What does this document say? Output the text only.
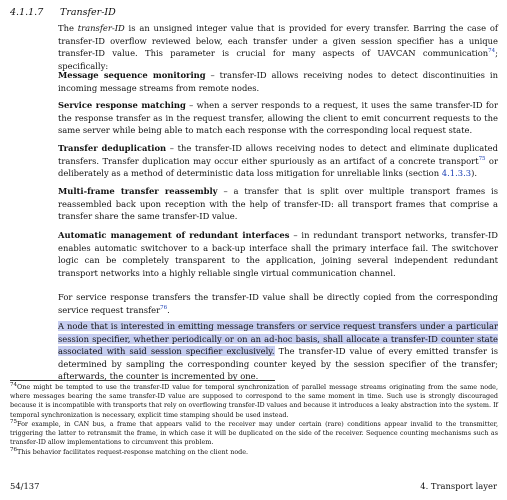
4.1.1.7 Transfer-ID
The transfer-ID is an unsigned integer value that is provided for every transfer. Barring the case of transfer-ID overflow reviewed below, each transfer under a given session specifier has a unique transfer-ID value. This parameter is crucial for many aspects of UAVCAN communication$^{74}$; specifically:

Message sequence monitoring – transfer-ID allows receiving nodes to detect discontinuities in incoming message streams from remote nodes.

Service response matching – when a server responds to a request, it uses the same transfer-ID for the response transfer as in the request transfer, allowing the client to emit concurrent requests to the same server while being able to match each response with the corresponding local request state.

Transfer deduplication – the transfer-ID allows receiving nodes to detect and eliminate duplicated transfers. Transfer duplication may occur either spuriously as an artifact of a concrete transport$^{75}$ or deliberately as a method of deterministic data loss mitigation for unreliable links (section 4.1.3.3).

Multi-frame transfer reassembly – a transfer that is split over multiple transport frames is reassembled back upon reception with the help of transfer-ID: all transport frames that comprise a transfer share the same transfer-ID value.

Automatic management of redundant interfaces – in redundant transport networks, transfer-ID enables automatic switchover to a back-up interface shall the primary interface fail. The switchover logic can be completely transparent to the application, joining several independent redundant transport networks into a highly reliable single virtual communication channel.

For service response transfers the transfer-ID value shall be directly copied from the corresponding service request transfer$^{76}$.

A node that is interested in emitting message transfers or service request transfers under a particular session specifier, whether periodically or on an ad-hoc basis, shall allocate a transfer-ID counter state associated with said session specifier exclusively. The transfer-ID value of every emitted transfer is determined by sampling the corresponding counter keyed by the session specifier of the transfer; afterwards, the counter is incremented by one.

$^{74}$One might be tempted to use the transfer-ID value for temporal synchronization of parallel message streams originating from the same node, where messages bearing the same transfer-ID value are supposed to correspond to the same moment in time. Such use is strongly discouraged because it is incompatible with transports that rely on overflowing transfer-ID values and because it introduces a leaky abstraction into the system. If temporal synchronization is necessary, explicit time stamping should be used instead.

$^{75}$For example, in CAN bus, a frame that appears valid to the receiver may under certain (rare) conditions appear invalid to the transmitter, triggering the latter to retransmit the frame, in which case it will be duplicated on the side of the receiver. Sequence counting mechanisms such as transfer-ID allow implementations to circumvent this problem.

$^{76}$This behavior facilitates request-response matching on the client node.

54/137	4. Transport layer
